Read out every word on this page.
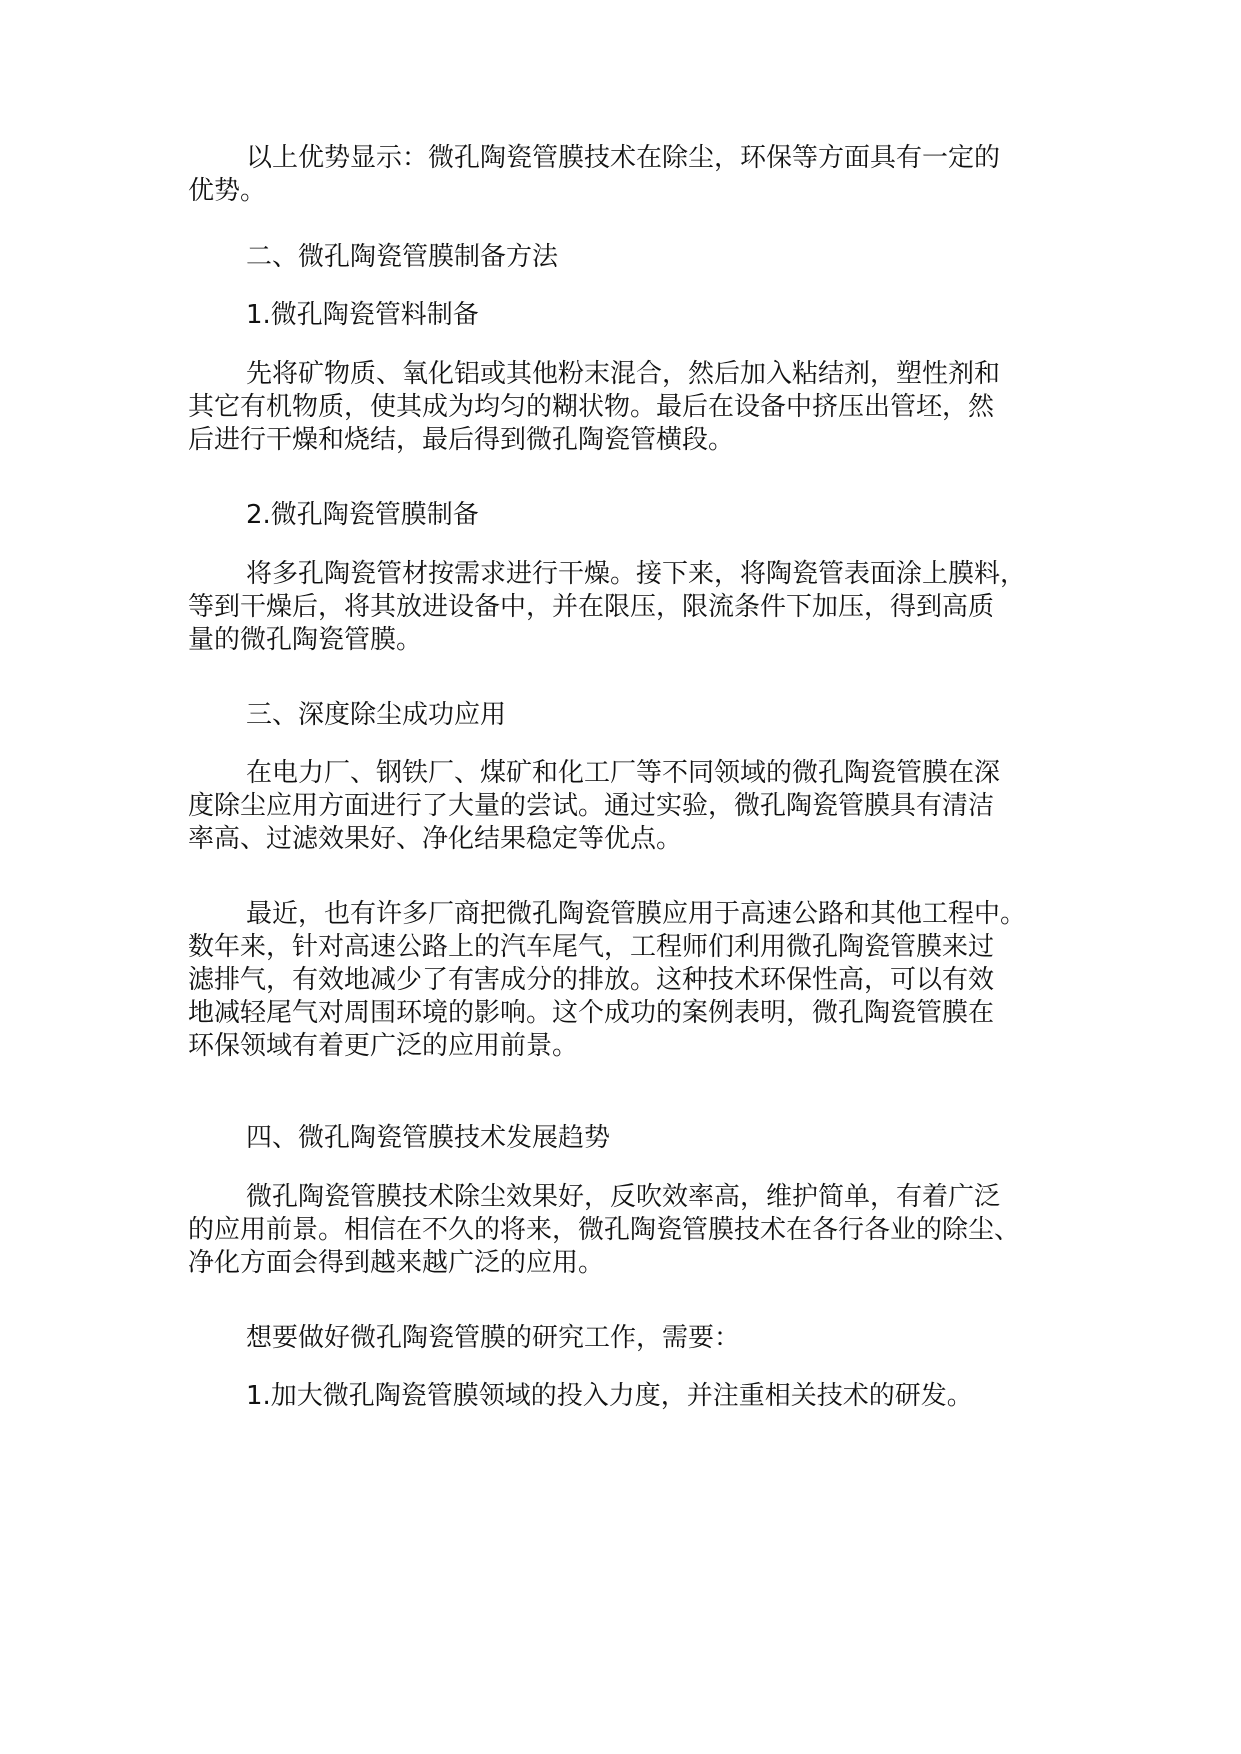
以上优势显示：微孔陶瓷管膜技术在除尘，环保等方面具有一定的
优势。
二、微孔陶瓷管膜制备方法
1.微孔陶瓷管料制备
先将矿物质、氧化铝或其他粉末混合，然后加入粘结剂，塑性剂和
其它有机物质，使其成为均匀的糊状物。最后在设备中挤压出管坯，然
后进行干燥和烧结，最后得到微孔陶瓷管横段。
2.微孔陶瓷管膜制备
将多孔陶瓷管材按需求进行干燥。接下来，将陶瓷管表面涂上膜料，
等到干燥后，将其放进设备中，并在限压，限流条件下加压，得到高质
量的微孔陶瓷管膜。
三、深度除尘成功应用
在电力厂、钢铁厂、煤矿和化工厂等不同领域的微孔陶瓷管膜在深
度除尘应用方面进行了大量的尝试。通过实验，微孔陶瓷管膜具有清洁
率高、过滤效果好、净化结果稳定等优点。
最近，也有许多厂商把微孔陶瓷管膜应用于高速公路和其他工程中。
数年来，针对高速公路上的汽车尾气，工程师们利用微孔陶瓷管膜来过
滤排气，有效地减少了有害成分的排放。这种技术环保性高，可以有效
地减轻尾气对周围环境的影响。这个成功的案例表明，微孔陶瓷管膜在
环保领域有着更广泛的应用前景。
四、微孔陶瓷管膜技术发展趋势
微孔陶瓷管膜技术除尘效果好，反吹效率高，维护简单，有着广泛
的应用前景。相信在不久的将来，微孔陶瓷管膜技术在各行各业的除尘、
净化方面会得到越来越广泛的应用。
想要做好微孔陶瓷管膜的研究工作，需要：
1.加大微孔陶瓷管膜领域的投入力度，并注重相关技术的研发。
